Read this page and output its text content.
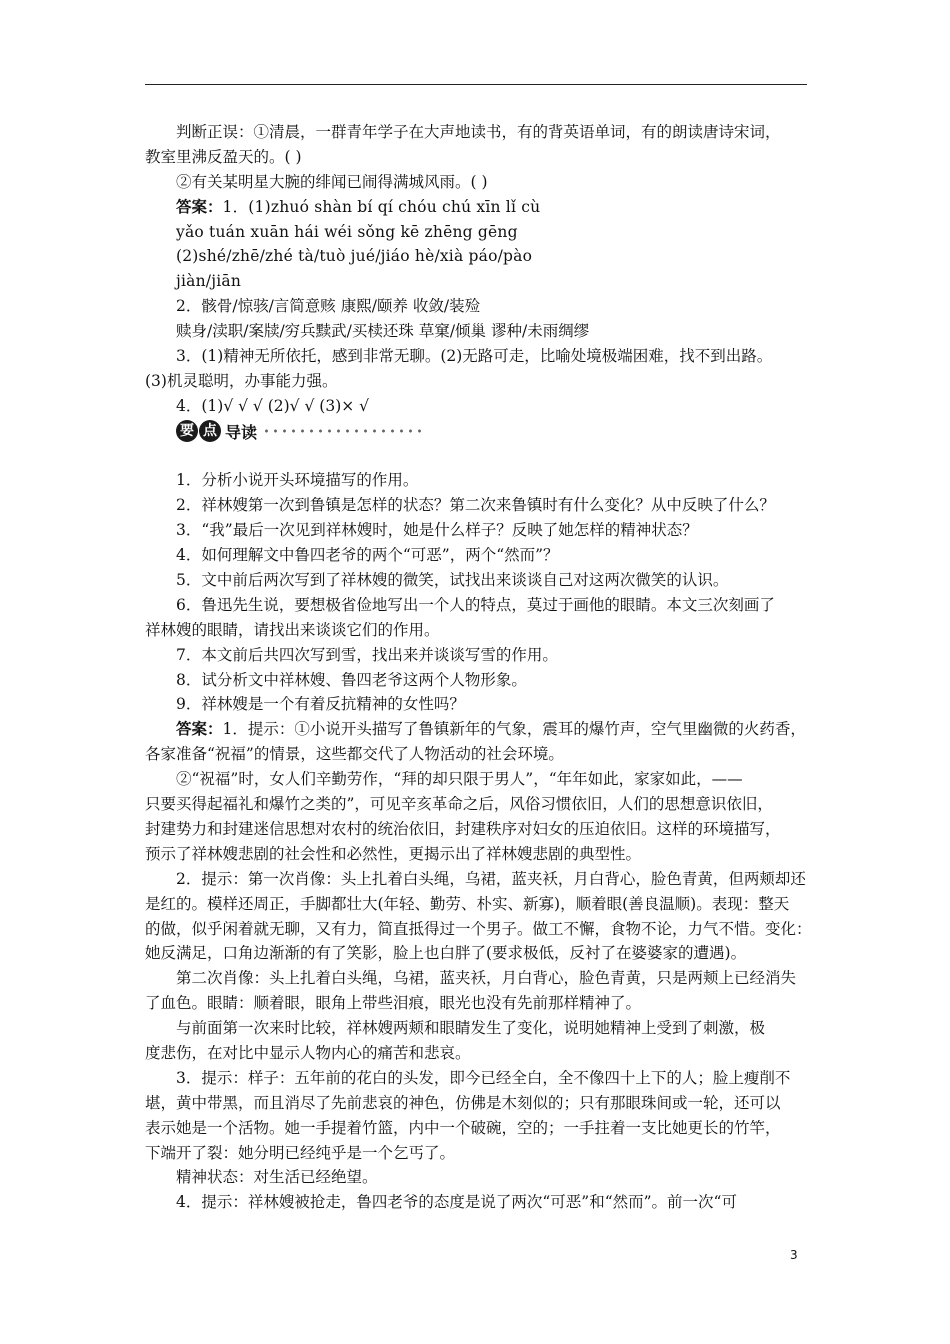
判断正误：①清晨，一群青年学子在大声地读书，有的背英语单词，有的朗读唐诗宋词，
教室里沸反盈天的。( )
②有关某明星大腕的绯闻已闹得满城风雨。( )
答案：1．(1)zhuó shàn bí qí chóu chú xīn lǐ cù
yǎo tuán xuān hái wéi sǒng kē zhēng gēng
(2)shé/zhē/zhé tà/tuò jué/jiáo hè/xià páo/pào
jiàn/jiān
2．骸骨/惊骇/言简意赅 康熙/颐养 收敛/装殓
赎身/渎职/案牍/穷兵黩武/买椟还珠 草窠/倾巢 谬种/未雨绸缪
3．(1)精神无所依托，感到非常无聊。(2)无路可走，比喻处境极端困难，找不到出路。
(3)机灵聪明，办事能力强。
4．(1)√ √ √ (2)√ √ (3)× √
要 点 导读
1．分析小说开头环境描写的作用。
2．祥林嫂第一次到鲁镇是怎样的状态？第二次来鲁镇时有什么变化？从中反映了什么？
3．“我”最后一次见到祥林嫂时，她是什么样子？反映了她怎样的精神状态？
4．如何理解文中鲁四老爷的两个“可恶”，两个“然而”？
5．文中前后两次写到了祥林嫂的微笑，试找出来谈谈自己对这两次微笑的认识。
6．鲁迅先生说，要想极省俭地写出一个人的特点，莫过于画他的眼睛。本文三次刻画了
祥林嫂的眼睛，请找出来谈谈它们的作用。
7．本文前后共四次写到雪，找出来并谈谈写雪的作用。
8．试分析文中祥林嫂、鲁四老爷这两个人物形象。
9．祥林嫂是一个有着反抗精神的女性吗？
答案：1．提示：①小说开头描写了鲁镇新年的气象，震耳的爆竹声，空气里幽微的火药香，
各家准备“祝福”的情景，这些都交代了人物活动的社会环境。
②“祝福”时，女人们辛勤劳作，“拜的却只限于男人”，“年年如此，家家如此，——
只要买得起福礼和爆竹之类的”，可见辛亥革命之后，风俗习惯依旧，人们的思想意识依旧，
封建势力和封建迷信思想对农村的统治依旧，封建秩序对妇女的压迫依旧。这样的环境描写，
预示了祥林嫂悲剧的社会性和必然性，更揭示出了祥林嫂悲剧的典型性。
2．提示：第一次肖像：头上扎着白头绳，乌裙，蓝夹袄，月白背心，脸色青黄，但两颊却还
是红的。模样还周正，手脚都壮大(年轻、勤劳、朴实、新寡)，顺着眼(善良温顺)。表现：整天
的做，似乎闲着就无聊，又有力，简直抵得过一个男子。做工不懈，食物不论，力气不惜。变化：
她反满足，口角边渐渐的有了笑影，脸上也白胖了(要求极低，反衬了在婆婆家的遭遇)。
第二次肖像：头上扎着白头绳，乌裙，蓝夹袄，月白背心，脸色青黄，只是两颊上已经消失
了血色。眼睛：顺着眼，眼角上带些泪痕，眼光也没有先前那样精神了。
与前面第一次来时比较，祥林嫂两颊和眼睛发生了变化，说明她精神上受到了刺激，极
度悲伤，在对比中显示人物内心的痛苦和悲哀。
3．提示：样子：五年前的花白的头发，即今已经全白，全不像四十上下的人；脸上瘦削不
堪，黄中带黑，而且消尽了先前悲哀的神色，仿佛是木刻似的；只有那眼珠间或一轮，还可以
表示她是一个活物。她一手提着竹篮，内中一个破碗，空的；一手拄着一支比她更长的竹竿，
下端开了裂：她分明已经纯乎是一个乞丐了。
精神状态：对生活已经绝望。
4．提示：祥林嫂被抢走，鲁四老爷的态度是说了两次“可恶”和“然而”。前一次“可
3
